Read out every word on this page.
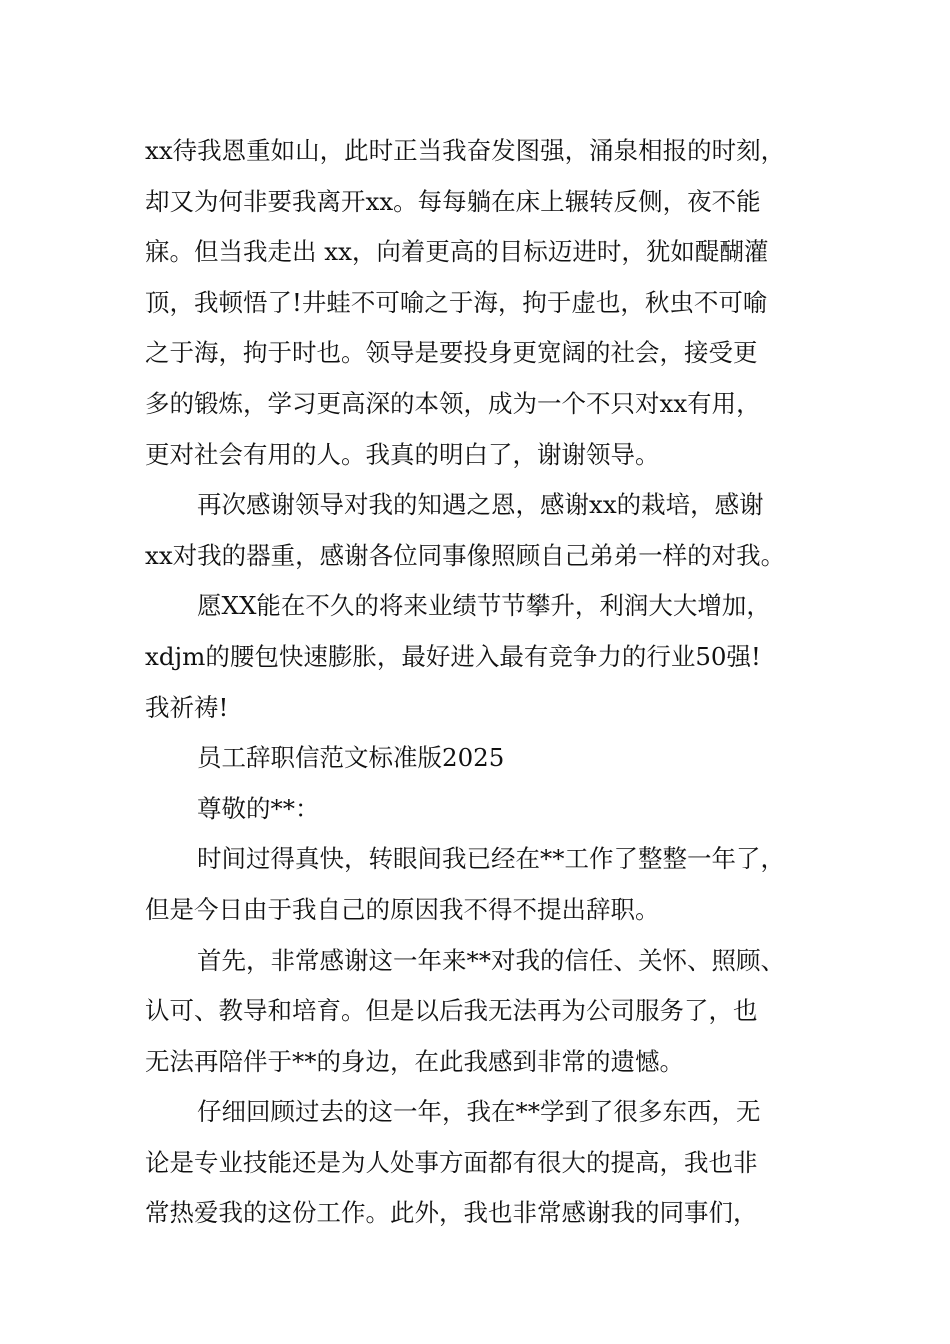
xx待我恩重如山，此时正当我奋发图强，涌泉相报的时刻，

却又为何非要我离开xx。每每躺在床上辗转反侧，夜不能

寐。但当我走出 xx，向着更高的目标迈进时，犹如醍醐灌

顶，我顿悟了!井蛙不可喻之于海，拘于虚也，秋虫不可喻

之于海，拘于时也。领导是要投身更宽阔的社会，接受更

多的锻炼，学习更高深的本领，成为一个不只对xx有用，

更对社会有用的人。我真的明白了，谢谢领导。

再次感谢领导对我的知遇之恩，感谢xx的栽培，感谢

xx对我的器重，感谢各位同事像照顾自己弟弟一样的对我。

愿XX能在不久的将来业绩节节攀升，利润大大增加，

xdjm的腰包快速膨胀，最好进入最有竞争力的行业50强!

我祈祷!

员工辞职信范文标准版2025

尊敬的**：

时间过得真快，转眼间我已经在**工作了整整一年了，

但是今日由于我自己的原因我不得不提出辞职。

首先，非常感谢这一年来**对我的信任、关怀、照顾、

认可、教导和培育。但是以后我无法再为公司服务了，也

无法再陪伴于**的身边，在此我感到非常的遗憾。

仔细回顾过去的这一年，我在**学到了很多东西，无

论是专业技能还是为人处事方面都有很大的提高，我也非

常热爱我的这份工作。此外，我也非常感谢我的同事们，
